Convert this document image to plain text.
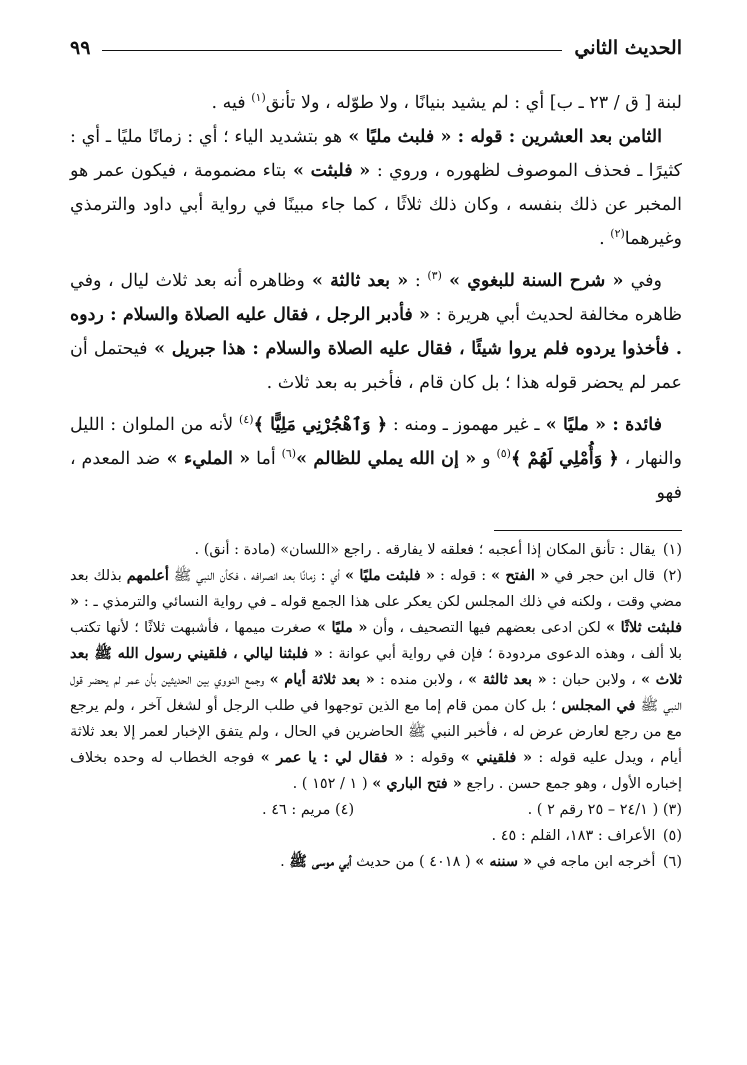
الحديث الثاني
٩٩

لبنة [ ق / ٢٣ ـ ب] أي : لم يشيد بنيانًا ، ولا طوّله ، ولا تأنق$^{(١)}$ فيه .

الثامن بعد العشرين : قوله : « فلبث مليًا » هو بتشديد الياء ؛ أي : زمانًا مليًا ـ أي : كثيرًا ـ فحذف الموصوف لظهوره ، وروي : « فلبثت » بتاء مضمومة ، فيكون عمر هو المخبر عن ذلك بنفسه ، وكان ذلك ثلاثًا ، كما جاء مبينًا في رواية أبي داود والترمذي وغيرهما$^{(٢)}$ .

وفي « شرح السنة للبغوي » $^{(٣)}$ : « بعد ثالثة » وظاهره أنه بعد ثلاث ليال ، وفي ظاهره مخالفة لحديث أبي هريرة : « فأدبر الرجل ، فقال عليه الصلاة والسلام : ردوه . فأخذوا يردوه فلم يروا شيئًا ، فقال عليه الصلاة والسلام : هذا جبريل » فيحتمل أن عمر لم يحضر قوله هذا ؛ بل كان قام ، فأخبر به بعد ثلاث .

فائدة : « مليًا » ـ غير مهموز ـ ومنه : ﴿ وَٱهْجُرْنِي مَلِيًّا ﴾$^{(٤)}$ لأنه من الملوان : الليل والنهار ، ﴿ وَأُمْلِي لَهُمْ ﴾$^{(٥)}$ و « إن الله يملي للظالم »$^{(٦)}$ أما « المليء » ضد المعدم ، فهو

(١) يقال : تأنق المكان إذا أعجبه ؛ فعلقه لا يفارقه . راجع «اللسان» (مادة : أنق) .

(٢) قال ابن حجر في « الفتح » : قوله : « فلبثت مليًا » أي : زمانًا بعد انصرافه ، فكأن النبي ﷺ أعلمهم بذلك بعد مضي وقت ، ولكنه في ذلك المجلس لكن يعكر على هذا الجمع قوله ـ في رواية النسائي والترمذي ـ : « فلبثت ثلاثًا » لكن ادعى بعضهم فيها التصحيف ، وأن « مليًا » صغرت ميمها ، فأشبهت ثلاثًا ؛ لأنها تكتب بلا ألف ، وهذه الدعوى مردودة ؛ فإن في رواية أبي عوانة : « فلبثنا ليالي ، فلقيني رسول الله ﷺ بعد ثلاث » ، ولابن حبان : « بعد ثالثة » ، ولابن منده : « بعد ثلاثة أيام » وجمع النووي بين الحديثين بأن عمر لم يحضر قول النبي ﷺ في المجلس ؛ بل كان ممن قام إما مع الذين توجهوا في طلب الرجل أو لشغل آخر ، ولم يرجع مع من رجع لعارض عرض له ، فأخبر النبي ﷺ الحاضرين في الحال ، ولم يتفق الإخبار لعمر إلا بعد ثلاثة أيام ، ويدل عليه قوله : « فلقيني » وقوله : « فقال لي : يا عمر » فوجه الخطاب له وحده بخلاف إخباره الأول ، وهو جمع حسن . راجع « فتح الباري » ( ١ / ١٥٢ ) .

(٣) ( ٢٤/١ – ٢٥ رقم ٢ ) .
(٤) مريم : ٤٦ .

(٥) الأعراف : ١٨٣، القلم : ٤٥ .

(٦) أخرجه ابن ماجه في « سننه » ( ٤٠١٨ ) من حديث أبي موسى ﷺ .
